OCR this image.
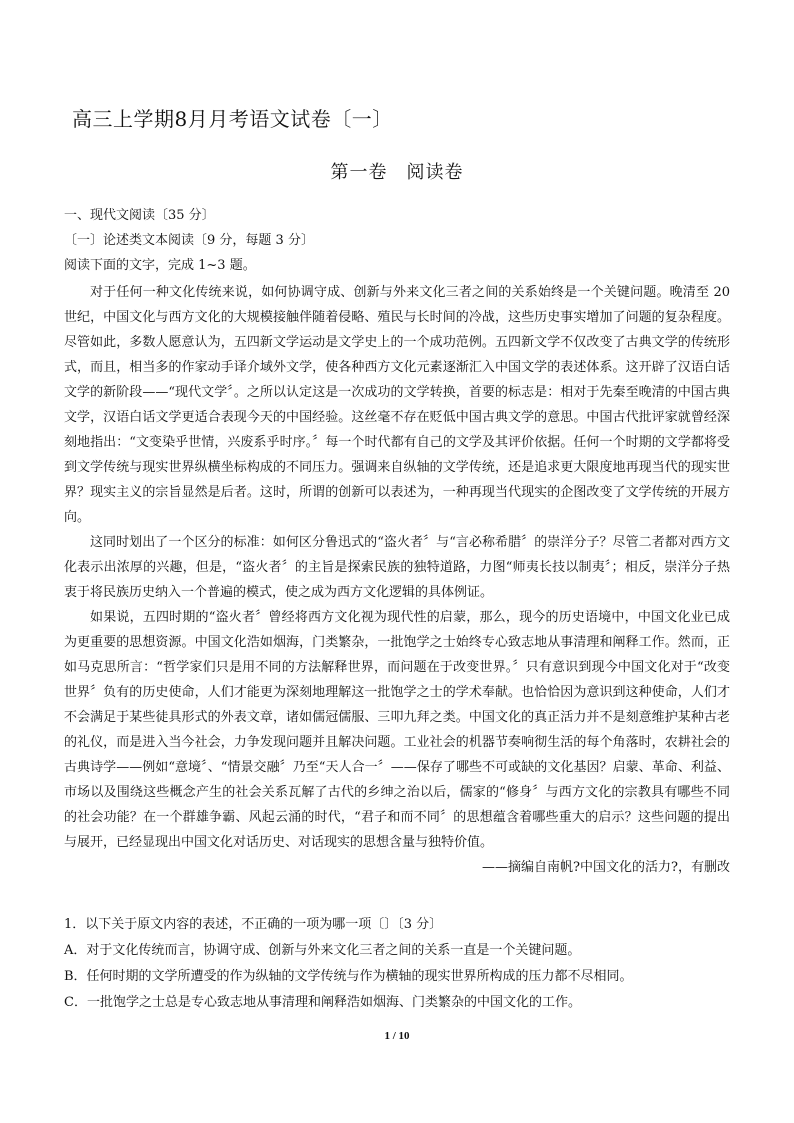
高三上学期8月月考语文试卷〔一〕
第一卷　阅读卷
一、现代文阅读〔35 分〕
〔一〕论述类文本阅读〔9 分，每题 3 分〕
阅读下面的文字，完成 1~3 题。

对于任何一种文化传统来说，如何协调守成、创新与外来文化三者之间的关系始终是一个关键问题。晚清至 20 世纪，中国文化与西方文化的大规模接触伴随着侵略、殖民与长时间的冷战，这些历史事实增加了问题的复杂程度。尽管如此，多数人愿意认为，五四新文学运动是文学史上的一个成功范例。五四新文学不仅改变了古典文学的传统形式，而且，相当多的作家动手译介域外文学，使各种西方文化元素逐渐汇入中国文学的表述体系。这开辟了汉语白话文学的新阶段——“现代文学〞。之所以认定这是一次成功的文学转换，首要的标志是：相对于先秦至晚清的中国古典文学，汉语白话文学更适合表现今天的中国经验。这丝毫不存在贬低中国古典文学的意思。中国古代批评家就曾经深刻地指出：“文变染乎世情，兴废系乎时序。〞每一个时代都有自己的文学及其评价依据。任何一个时期的文学都将受到文学传统与现实世界纵横坐标构成的不同压力。强调来自纵轴的文学传统，还是追求更大限度地再现当代的现实世界？现实主义的宗旨显然是后者。这时，所谓的创新可以表述为，一种再现当代现实的企图改变了文学传统的开展方向。

这同时划出了一个区分的标准：如何区分鲁迅式的“盗火者〞与“言必称希腊〞的崇洋分子？尽管二者都对西方文化表示出浓厚的兴趣，但是，“盗火者〞的主旨是探索民族的独特道路，力图“师夷长技以制夷〞；相反，崇洋分子热衷于将民族历史纳入一个普遍的模式，使之成为西方文化逻辑的具体例证。

如果说，五四时期的“盗火者〞曾经将西方文化视为现代性的启蒙，那么，现今的历史语境中，中国文化业已成为更重要的思想资源。中国文化浩如烟海，门类繁杂，一批饱学之士始终专心致志地从事清理和阐释工作。然而，正如马克思所言：“哲学家们只是用不同的方法解释世界，而问题在于改变世界。〞只有意识到现今中国文化对于“改变世界〞负有的历史使命，人们才能更为深刻地理解这一批饱学之士的学术奉献。也恰恰因为意识到这种使命，人们才不会满足于某些徒具形式的外表文章，诸如儒冠儒服、三叩九拜之类。中国文化的真正活力并不是刻意维护某种古老的礼仪，而是进入当今社会，力争发现问题并且解决问题。工业社会的机器节奏响彻生活的每个角落时，农耕社会的古典诗学——例如“意境〞、“情景交融〞乃至“天人合一〞——保存了哪些不可或缺的文化基因？启蒙、革命、利益、市场以及围绕这些概念产生的社会关系瓦解了古代的乡绅之治以后，儒家的“修身〞与西方文化的宗教具有哪些不同的社会功能？在一个群雄争霸、风起云涌的时代，“君子和而不同〞的思想蕴含着哪些重大的启示？这些问题的提出与展开，已经显现出中国文化对话历史、对话现实的思想含量与独特价值。

——摘编自南帆?中国文化的活力?，有删改
1．以下关于原文内容的表述，不正确的一项为哪一项〔〕〔3 分〕
A．对于文化传统而言，协调守成、创新与外来文化三者之间的关系一直是一个关键问题。
B．任何时期的文学所遭受的作为纵轴的文学传统与作为横轴的现实世界所构成的压力都不尽相同。
C．一批饱学之士总是专心致志地从事清理和阐释浩如烟海、门类繁杂的中国文化的工作。
1 / 10
